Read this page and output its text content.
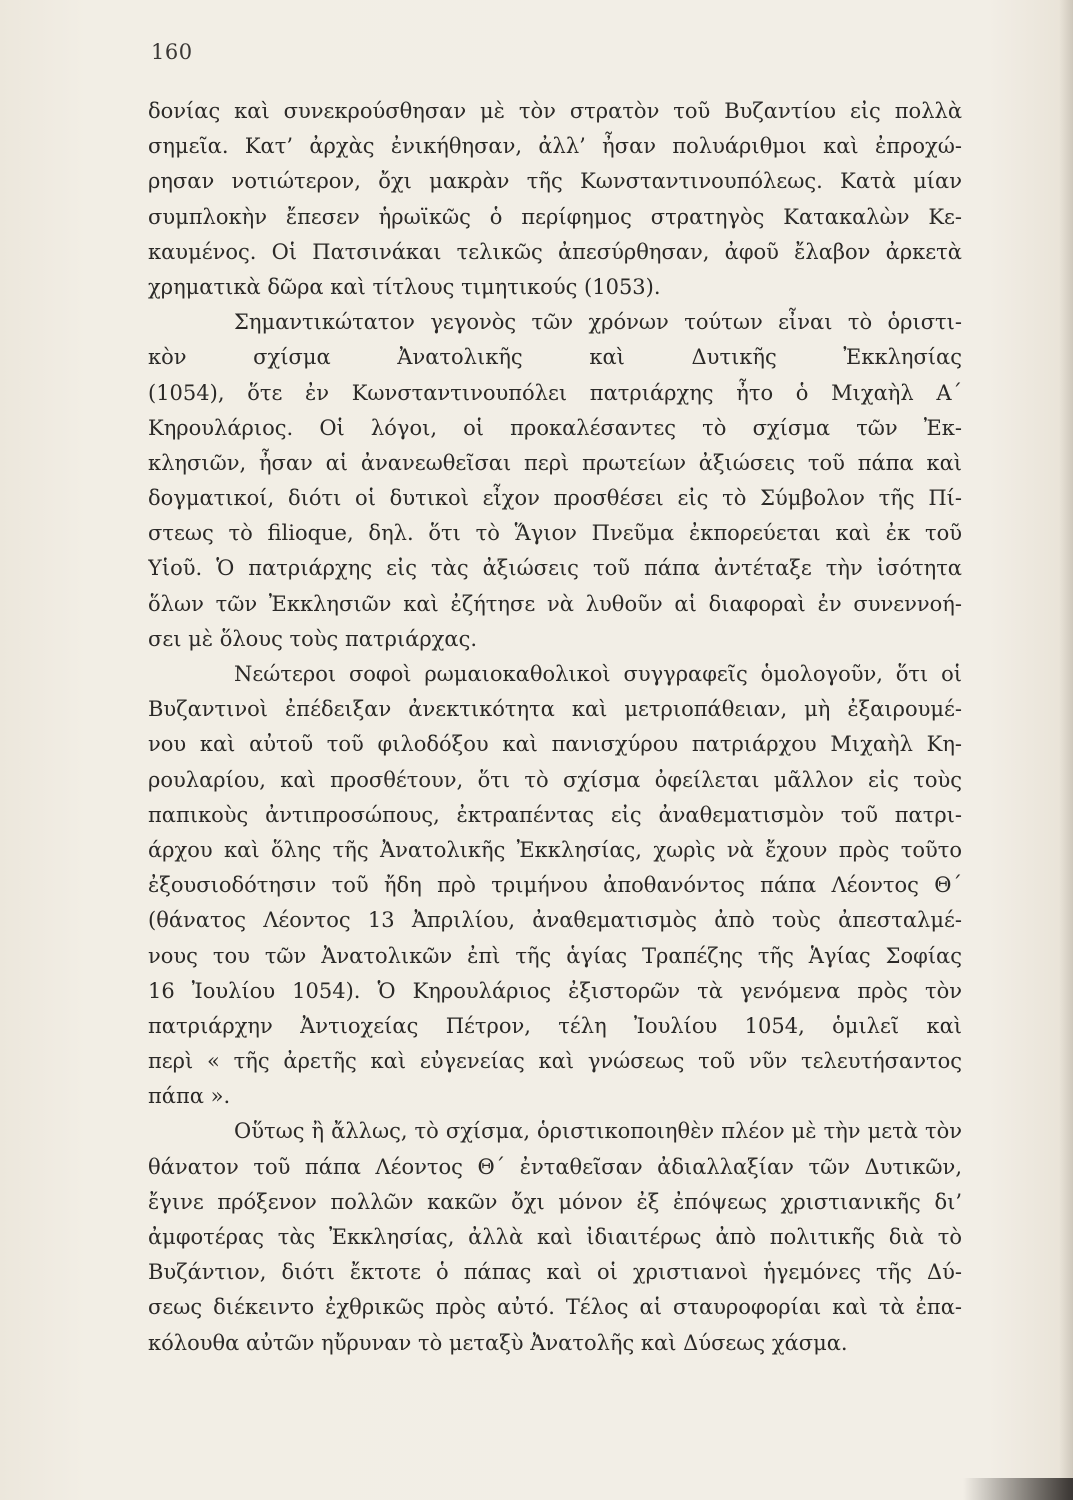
160
δονίας καὶ συνεκρούσθησαν μὲ τὸν στρατὸν τοῦ Βυζαντίου εἰς πολλὰ
σημεῖα. Κατ’ ἀρχὰς ἐνικήθησαν, ἀλλ’ ἦσαν πολυάριθμοι καὶ ἐπροχώ-
ρησαν νοτιώτερον, ὄχι μακρὰν τῆς Κωνσταντινουπόλεως. Κατὰ μίαν
συμπλοκὴν ἔπεσεν ἡρωϊκῶς ὁ περίφημος στρατηγὸς Κατακαλὼν Κε-
καυμένος. Οἱ Πατσινάκαι τελικῶς ἀπεσύρθησαν, ἀφοῦ ἔλαβον ἀρκετὰ
χρηματικὰ δῶρα καὶ τίτλους τιμητικούς (1053).
Σημαντικώτατον γεγονὸς τῶν χρόνων τούτων εἶναι τὸ ὁριστι-
κὸν σχίσμα Ἀνατολικῆς καὶ Δυτικῆς Ἐκκλησίας
(1054), ὅτε ἐν Κωνσταντινουπόλει πατριάρχης ἦτο ὁ Μιχαὴλ Α΄
Κηρουλάριος. Οἱ λόγοι, οἱ προκαλέσαντες τὸ σχίσμα τῶν Ἐκ-
κλησιῶν, ἦσαν αἱ ἀνανεωθεῖσαι περὶ πρωτείων ἀξιώσεις τοῦ πάπα καὶ
δογματικοί, διότι οἱ δυτικοὶ εἶχον προσθέσει εἰς τὸ Σύμβολον τῆς Πί-
στεως τὸ filioque, δηλ. ὅτι τὸ Ἅγιον Πνεῦμα ἐκπορεύεται καὶ ἐκ τοῦ
Υἱοῦ. Ὁ πατριάρχης εἰς τὰς ἀξιώσεις τοῦ πάπα ἀντέταξε τὴν ἰσότητα
ὅλων τῶν Ἐκκλησιῶν καὶ ἐζήτησε νὰ λυθοῦν αἱ διαφοραὶ ἐν συνεννοή-
σει μὲ ὅλους τοὺς πατριάρχας.
Νεώτεροι σοφοὶ ρωμαιοκαθολικοὶ συγγραφεῖς ὁμολογοῦν, ὅτι οἱ
Βυζαντινοὶ ἐπέδειξαν ἀνεκτικότητα καὶ μετριοπάθειαν, μὴ ἐξαιρουμέ-
νου καὶ αὐτοῦ τοῦ φιλοδόξου καὶ πανισχύρου πατριάρχου Μιχαὴλ Κη-
ρουλαρίου, καὶ προσθέτουν, ὅτι τὸ σχίσμα ὀφείλεται μᾶλλον εἰς τοὺς
παπικοὺς ἀντιπροσώπους, ἐκτραπέντας εἰς ἀναθεματισμὸν τοῦ πατρι-
άρχου καὶ ὅλης τῆς Ἀνατολικῆς Ἐκκλησίας, χωρὶς νὰ ἔχουν πρὸς τοῦτο
ἐξουσιοδότησιν τοῦ ἤδη πρὸ τριμήνου ἀποθανόντος πάπα Λέοντος Θ΄
(θάνατος Λέοντος 13 Ἀπριλίου, ἀναθεματισμὸς ἀπὸ τοὺς ἀπεσταλμέ-
νους του τῶν Ἀνατολικῶν ἐπὶ τῆς ἁγίας Τραπέζης τῆς Ἁγίας Σοφίας
16 Ἰουλίου 1054). Ὁ Κηρουλάριος ἐξιστορῶν τὰ γενόμενα πρὸς τὸν
πατριάρχην Ἀντιοχείας Πέτρον, τέλη Ἰουλίου 1054, ὁμιλεῖ καὶ
περὶ « τῆς ἀρετῆς καὶ εὐγενείας καὶ γνώσεως τοῦ νῦν τελευτήσαντος
πάπα ».
Οὕτως ἢ ἄλλως, τὸ σχίσμα, ὁριστικοποιηθὲν πλέον μὲ τὴν μετὰ τὸν
θάνατον τοῦ πάπα Λέοντος Θ΄ ἐνταθεῖσαν ἀδιαλλαξίαν τῶν Δυτικῶν,
ἔγινε πρόξενον πολλῶν κακῶν ὄχι μόνον ἐξ ἐπόψεως χριστιανικῆς δι’
ἀμφοτέρας τὰς Ἐκκλησίας, ἀλλὰ καὶ ἰδιαιτέρως ἀπὸ πολιτικῆς διὰ τὸ
Βυζάντιον, διότι ἔκτοτε ὁ πάπας καὶ οἱ χριστιανοὶ ἡγεμόνες τῆς Δύ-
σεως διέκειντο ἐχθρικῶς πρὸς αὐτό. Τέλος αἱ σταυροφορίαι καὶ τὰ ἐπα-
κόλουθα αὐτῶν ηὔρυναν τὸ μεταξὺ Ἀνατολῆς καὶ Δύσεως χάσμα.
